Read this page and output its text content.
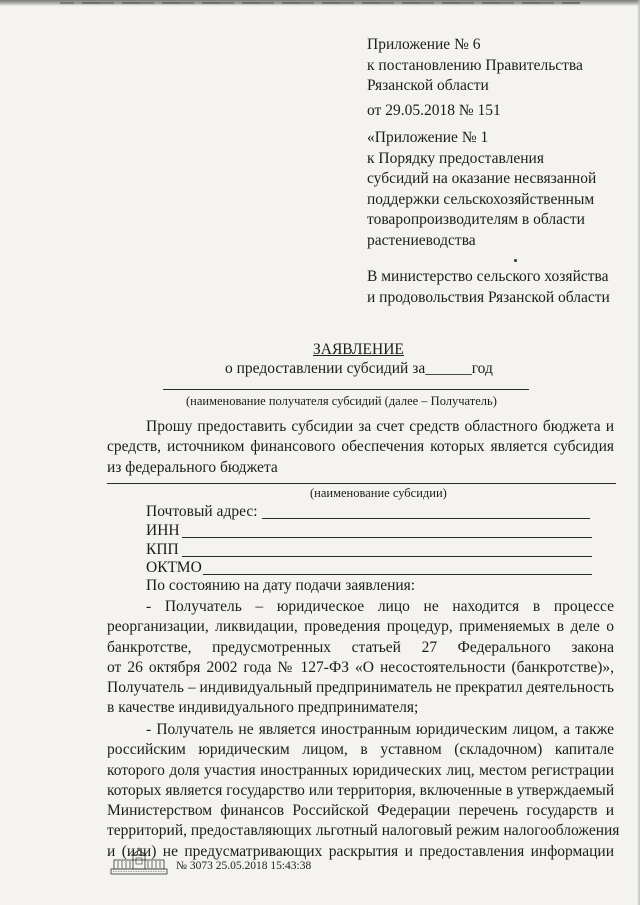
Приложение № 6
к постановлению Правительства
Рязанской области
от 29.05.2018 № 151
«Приложение № 1
к Порядку предоставления
субсидий на оказание несвязанной
поддержки сельскохозяйственным
товаропроизводителям в области
растениеводства
В министерство сельского хозяйства
и продовольствия Рязанской области
ЗАЯВЛЕНИЕ
о предоставлении субсидий за______год
(наименование получателя субсидий (далее – Получатель)
Прошу предоставить субсидии за счет средств областного бюджета и
средств, источником финансового обеспечения которых является субсидия
из федерального бюджета
(наименование субсидии)
Почтовый адрес:
ИНН
КПП
ОКТМО
По состоянию на дату подачи заявления:
- Получатель – юридическое лицо не находится в процессе
реорганизации, ликвидации, проведения процедур, применяемых в деле о
банкротстве, предусмотренных статьей 27 Федерального закона
от 26 октября 2002 года № 127-ФЗ «О несостоятельности (банкротстве)»,
Получатель – индивидуальный предприниматель не прекратил деятельность
в качестве индивидуального предпринимателя;
- Получатель не является иностранным юридическим лицом, а также
российским юридическим лицом, в уставном (складочном) капитале
которого доля участия иностранных юридических лиц, местом регистрации
которых является государство или территория, включенные в утверждаемый
Министерством финансов Российской Федерации перечень государств и
территорий, предоставляющих льготный налоговый режим налогообложения
и (или) не предусматривающих раскрытия и предоставления информации
№ 3073 25.05.2018 15:43:38
